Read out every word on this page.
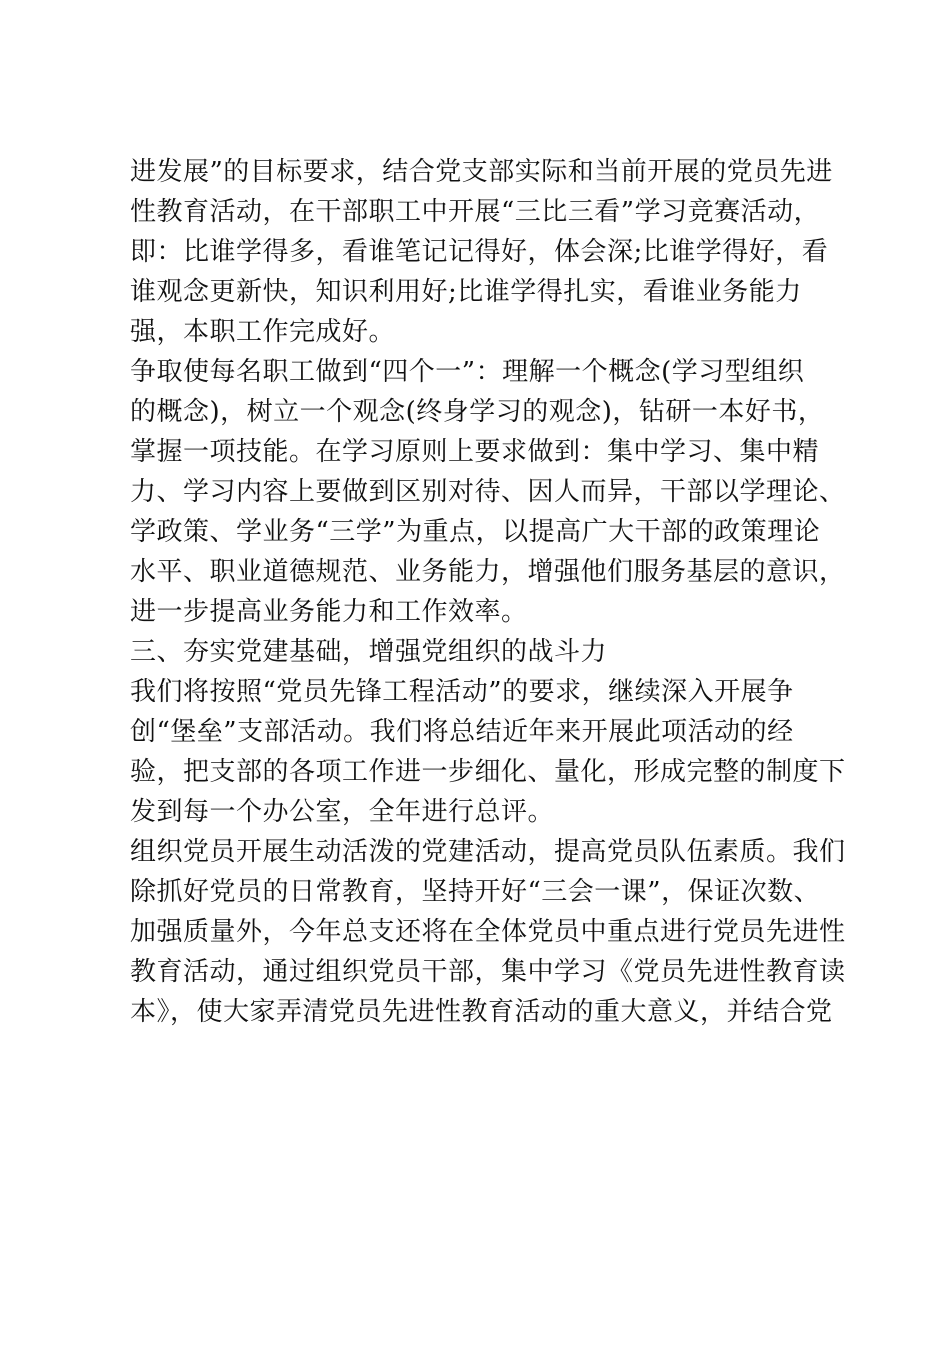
进发展”的目标要求，结合党支部实际和当前开展的党员先进
性教育活动，在干部职工中开展“三比三看”学习竞赛活动，
即：比谁学得多，看谁笔记记得好，体会深;比谁学得好，看
谁观念更新快，知识利用好;比谁学得扎实，看谁业务能力
强，本职工作完成好。
争取使每名职工做到“四个一”：理解一个概念(学习型组织
的概念)，树立一个观念(终身学习的观念)，钻研一本好书，
掌握一项技能。在学习原则上要求做到：集中学习、集中精
力、学习内容上要做到区别对待、因人而异，干部以学理论、
学政策、学业务“三学”为重点，以提高广大干部的政策理论
水平、职业道德规范、业务能力，增强他们服务基层的意识，
进一步提高业务能力和工作效率。
三、夯实党建基础，增强党组织的战斗力
我们将按照“党员先锋工程活动”的要求，继续深入开展争
创“堡垒”支部活动。我们将总结近年来开展此项活动的经
验，把支部的各项工作进一步细化、量化，形成完整的制度下
发到每一个办公室，全年进行总评。
组织党员开展生动活泼的党建活动，提高党员队伍素质。我们
除抓好党员的日常教育，坚持开好“三会一课”，保证次数、
加强质量外，今年总支还将在全体党员中重点进行党员先进性
教育活动，通过组织党员干部，集中学习《党员先进性教育读
本》，使大家弄清党员先进性教育活动的重大意义，并结合党
